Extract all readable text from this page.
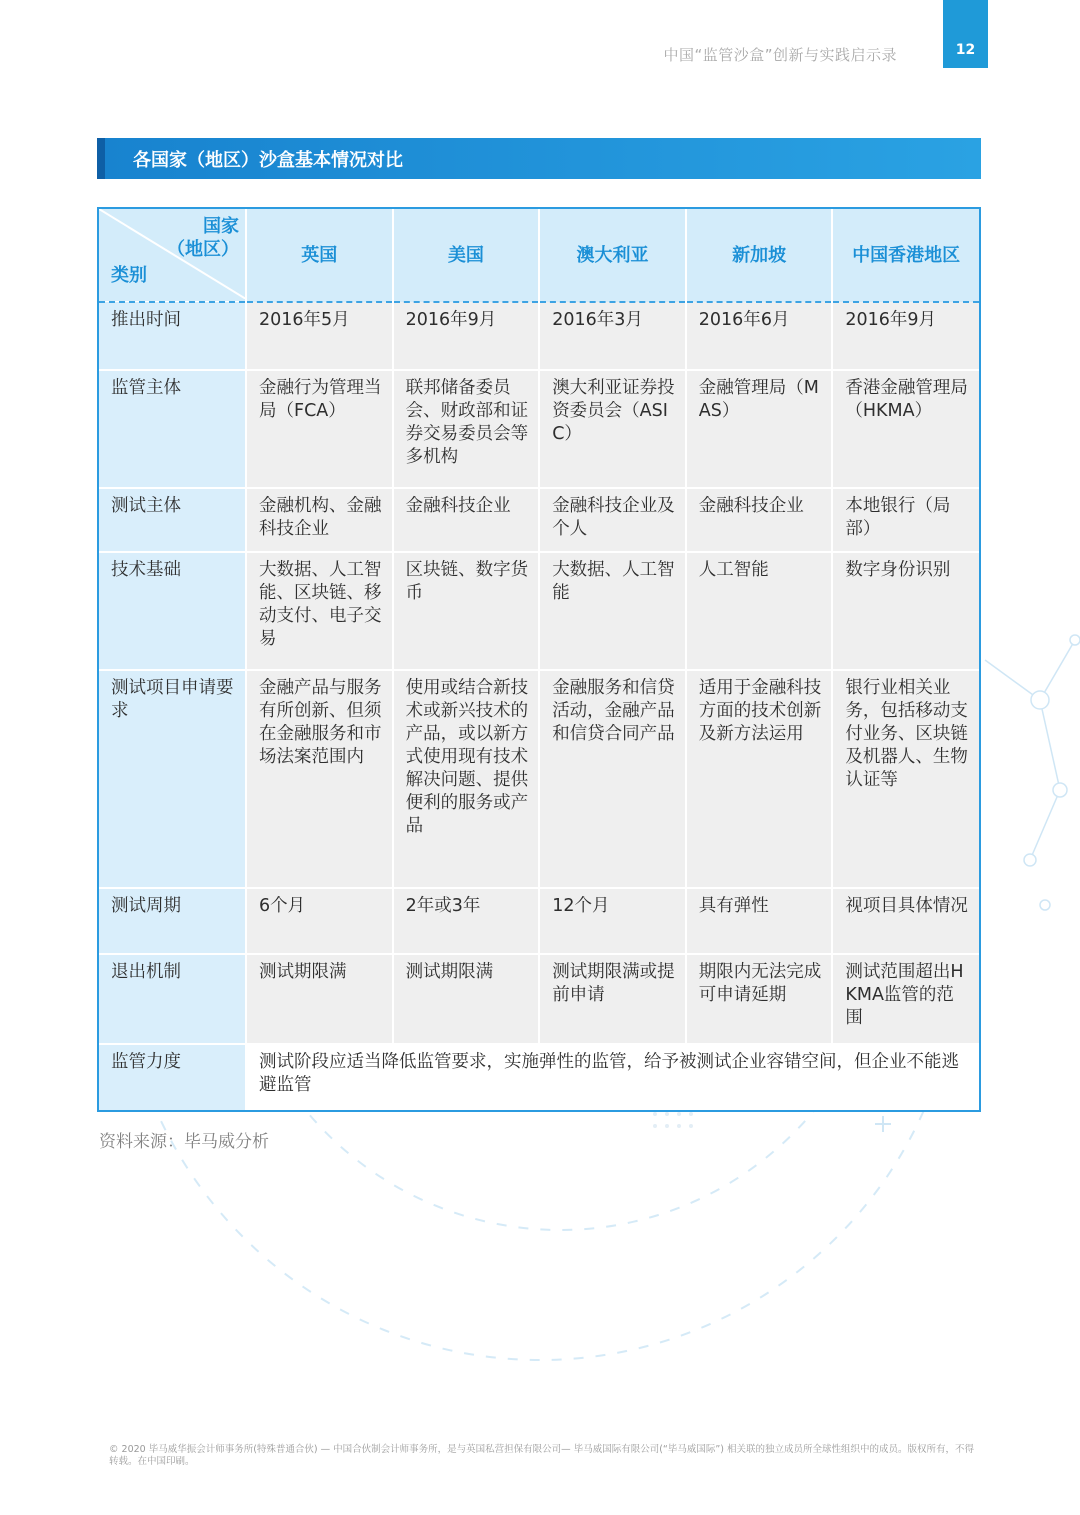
中国“监管沙盒”创新与实践启示录	12
各国家（地区）沙盒基本情况对比
国家
（地区）
类别	英国	美国	澳大利亚	新加坡	中国香港地区
推出时间	2016年5月	2016年9月	2016年3月	2016年6月	2016年9月
监管主体	金融行为管理当局（FCA）	联邦储备委员会、财政部和证券交易委员会等多机构	澳大利亚证券投资委员会（ASIC）	金融管理局（MAS）	香港金融管理局（HKMA）
测试主体	金融机构、金融科技企业	金融科技企业	金融科技企业及个人	金融科技企业	本地银行（局部）
技术基础	大数据、人工智能、区块链、移动支付、电子交易	区块链、数字货币	大数据、人工智能	人工智能	数字身份识别
测试项目申请要求	金融产品与服务有所创新、但须在金融服务和市场法案范围内	使用或结合新技术或新兴技术的产品，或以新方式使用现有技术解决问题、提供便利的服务或产品	金融服务和信贷活动，金融产品和信贷合同产品	适用于金融科技方面的技术创新及新方法运用	银行业相关业务，包括移动支付业务、区块链及机器人、生物认证等
测试周期	6个月	2年或3年	12个月	具有弹性	视项目具体情况
退出机制	测试期限满	测试期限满	测试期限满或提前申请	期限内无法完成可申请延期	测试范围超出HKMA监管的范围
监管力度	测试阶段应适当降低监管要求，实施弹性的监管，给予被测试企业容错空间，但企业不能逃避监管				
资料来源：毕马威分析
© 2020 毕马威华振会计师事务所(特殊普通合伙) — 中国合伙制会计师事务所，是与英国私营担保有限公司— 毕马威国际有限公司(“毕马威国际”) 相关联的独立成员所全球性组织中的成员。版权所有，不得转载。在中国印刷。
